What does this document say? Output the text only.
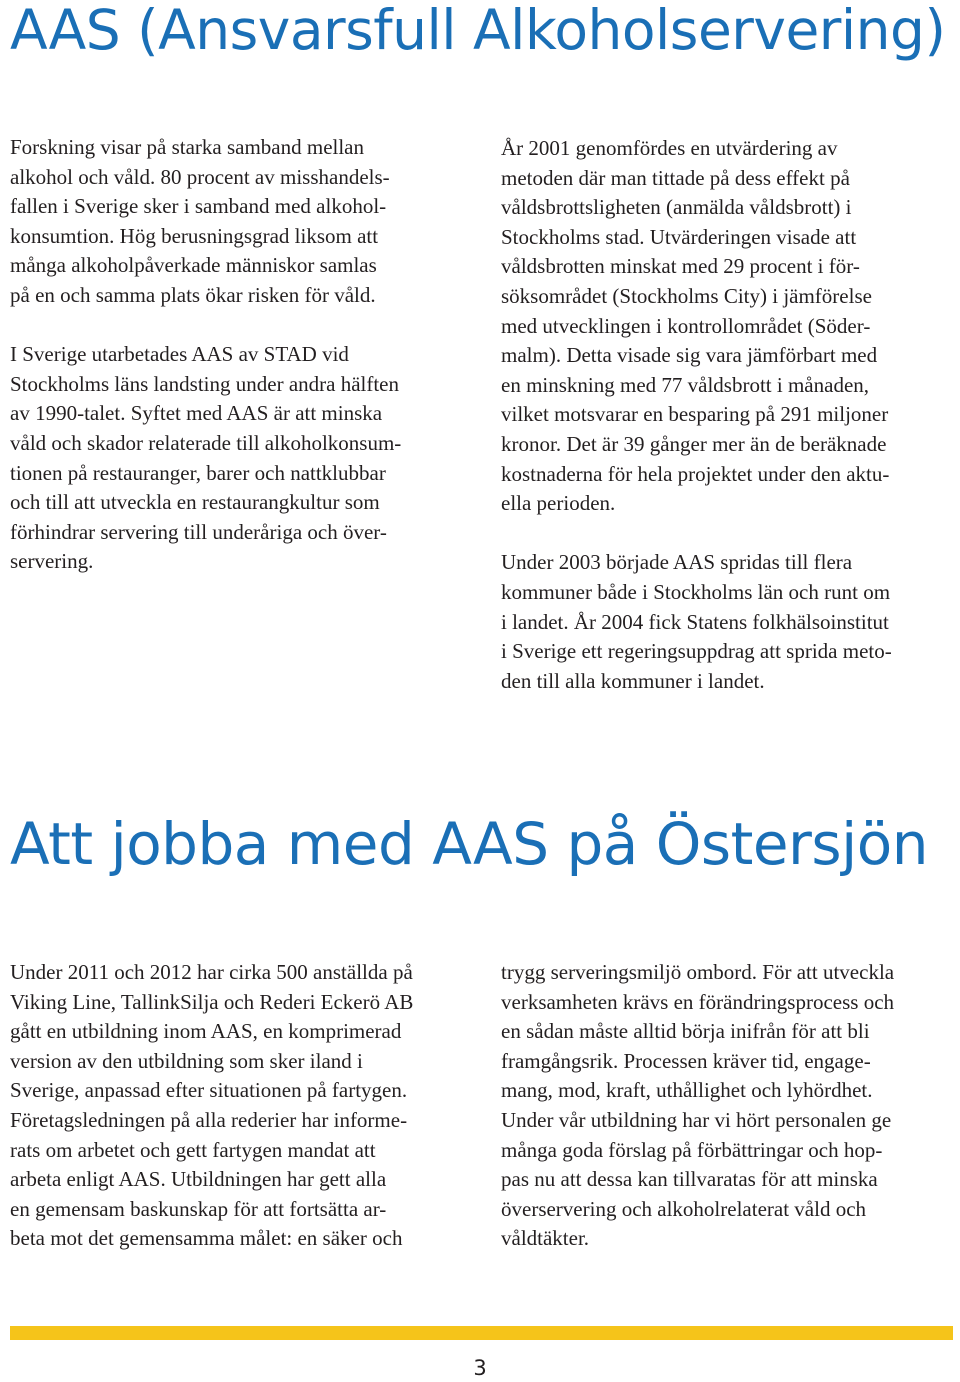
AAS (Ansvarsfull Alkoholservering)

Forskning visar på starka samband mellan
alkohol och våld. 80 procent av misshandels-
fallen i Sverige sker i samband med alkohol-
konsumtion. Hög berusningsgrad liksom att
många alkoholpåverkade människor samlas
på en och samma plats ökar risken för våld.

I Sverige utarbetades AAS av STAD vid
Stockholms läns landsting under andra hälften
av 1990-talet. Syftet med AAS är att minska
våld och skador relaterade till alkoholkonsum-
tionen på restauranger, barer och nattklubbar
och till att utveckla en restaurangkultur som
förhindrar servering till underåriga och över-
servering.

År 2001 genomfördes en utvärdering av
metoden där man tittade på dess effekt på
våldsbrottsligheten (anmälda våldsbrott) i
Stockholms stad. Utvärderingen visade att
våldsbrotten minskat med 29 procent i för-
söksområdet (Stockholms City) i jämförelse
med utvecklingen i kontrollområdet (Söder-
malm). Detta visade sig vara jämförbart med
en minskning med 77 våldsbrott i månaden,
vilket motsvarar en besparing på 291 miljoner
kronor. Det är 39 gånger mer än de beräknade
kostnaderna för hela projektet under den aktu-
ella perioden.

Under 2003 började AAS spridas till flera
kommuner både i Stockholms län och runt om
i landet. År 2004 fick Statens folkhälsoinstitut
i Sverige ett regeringsuppdrag att sprida meto-
den till alla kommuner i landet.

Att jobba med AAS på Östersjön

Under 2011 och 2012 har cirka 500 anställda på
Viking Line, TallinkSilja och Rederi Eckerö AB
gått en utbildning inom AAS, en komprimerad
version av den utbildning som sker iland i
Sverige, anpassad efter situationen på fartygen.
Företagsledningen på alla rederier har informe-
rats om arbetet och gett fartygen mandat att
arbeta enligt AAS. Utbildningen har gett alla
en gemensam baskunskap för att fortsätta ar-
beta mot det gemensamma målet: en säker och

trygg serveringsmiljö ombord. För att utveckla
verksamheten krävs en förändringsprocess och
en sådan måste alltid börja inifrån för att bli
framgångsrik. Processen kräver tid, engage-
mang, mod, kraft, uthållighet och lyhördhet.
Under vår utbildning har vi hört personalen ge
många goda förslag på förbättringar och hop-
pas nu att dessa kan tillvaratas för att minska
överservering och alkoholrelaterat våld och
våldtäkter.

3
